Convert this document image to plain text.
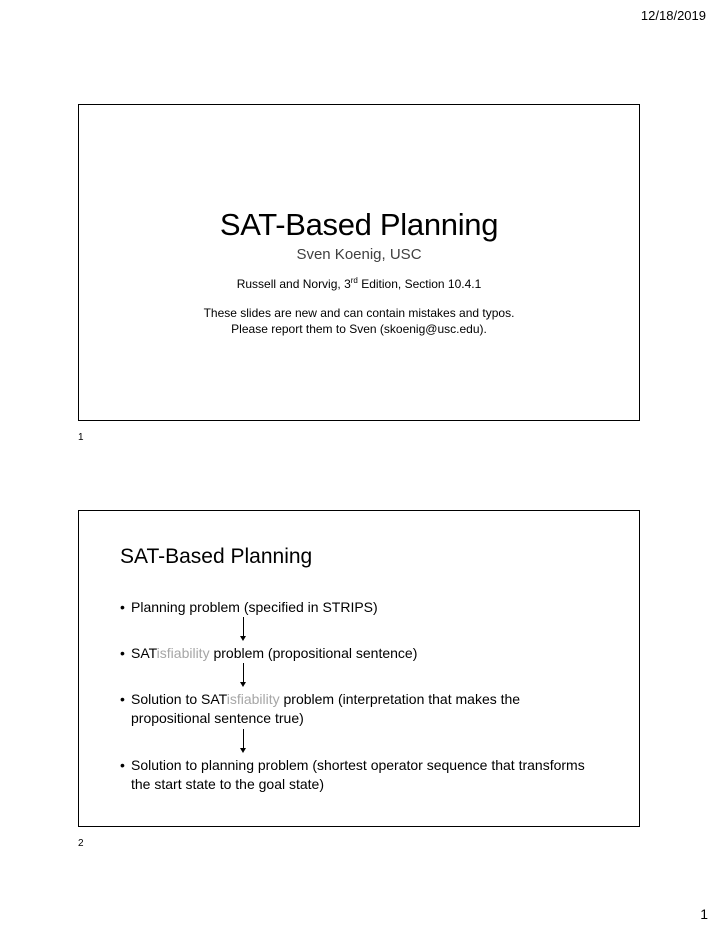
12/18/2019
SAT-Based Planning
Sven Koenig, USC
Russell and Norvig, 3rd Edition, Section 10.4.1
These slides are new and can contain mistakes and typos.
Please report them to Sven (skoenig@usc.edu).
1
SAT-Based Planning
• Planning problem (specified in STRIPS)
• SATisfiability problem (propositional sentence)
• Solution to SATisfiability problem (interpretation that makes the propositional sentence true)
• Solution to planning problem (shortest operator sequence that transforms the start state to the goal state)
2
1
